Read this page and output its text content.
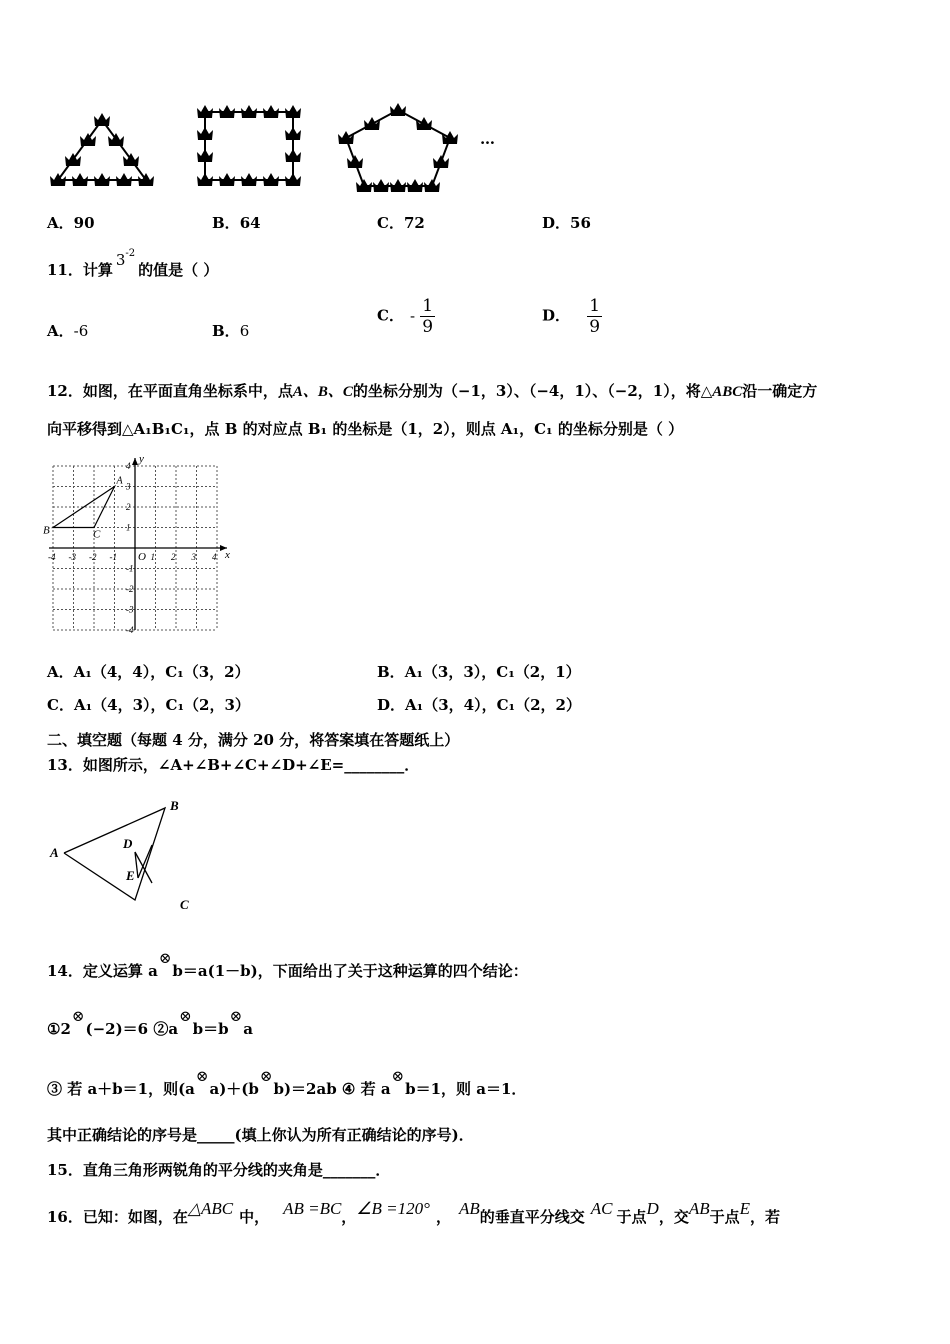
…
A．90	B．64	C．72	D．56
11．计算$3^{-2}$的值是（ ）
A．-6	B．6
C． - $\frac{1}{9}$	D． $\frac{1}{9}$
12．如图，在平面直角坐标系中，点A、B、C的坐标分别为（−1，3）、（−4，1）、（−2，1），将△ABC沿一确定方
向平移得到△A₁B₁C₁，点 B 的对应点 B₁ 的坐标是（1，2），则点 A₁，C₁ 的坐标分别是（ ）
-4 -3 -2 -1	1 2 3 4
4
3
2
1
-1
-2
-3
-4
y
x
O
A
B	C
A．A₁（4，4），C₁（3，2）	B．A₁（3，3），C₁（2，1）
C．A₁（4，3），C₁（2，3）	D．A₁（3，4），C₁（2，2）
二、填空题（每题 4 分，满分 20 分，将答案填在答题纸上）
13．如图所示，∠A+∠B+∠C+∠D+∠E=________．
A
B
C
D
E
14．定义运算 a⊗b＝a(1－b)，下面给出了关于这种运算的四个结论：
①2⊗(−2)＝6 ②a⊗b＝b⊗a
③ 若 a＋b＝1，则(a⊗a)＋(b⊗b)＝2ab ④ 若 a⊗b＝1，则 a＝1．
其中正确结论的序号是_____(填上你认为所有正确结论的序号)．
15．直角三角形两锐角的平分线的夹角是_______．
16．已知：如图，在△ABC 中， AB =BC，∠B =120° ， AB的垂直平分线交 AC 于点D，交AB于点E，若
